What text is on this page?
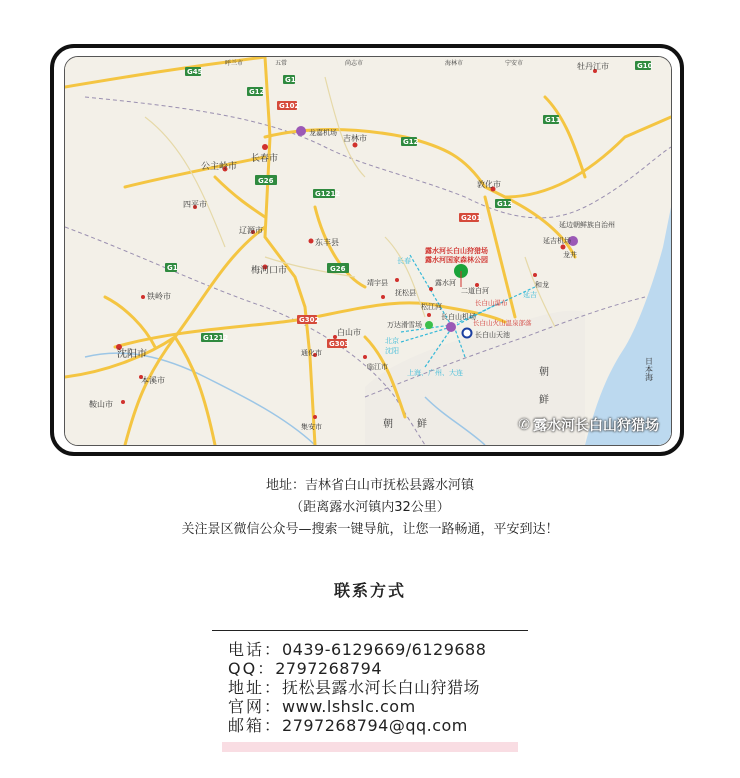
G45
G1
G12
G102
G26
G1212
G201
G302
G11
G10
G303
G26
G1212
G1
G12
G12
长春市
龙嘉机场
吉林市
公主岭市
四平市
辽源市
东丰县
梅河口市
铁岭市
沈阳市
本溪市
鞍山市
敦化市
牡丹江市
延边朝鲜族自治州
延吉机场
龙井
和龙
靖宇县
抚松县
露水河
松江河
二道白河
长白山机场
白山市
通化市
临江市
集安市
万达滑雪场
长白山天池
露水河长白山狩猎场
露水河国家森林公园
长白山瀑布
长白山火山温泉部落
长春
北京
沈阳
延吉
上海、广州、大连	朝
鲜
朝 鲜
日本海
呼兰市	五常	尚志市	海林市	宁安市
✆ 露水河长白山狩猎场
地址：吉林省白山市抚松县露水河镇
（距离露水河镇内32公里）
关注景区微信公众号—搜索一键导航，让您一路畅通，平安到达！
联系方式
电话：0439-6129669/6129688
QQ：2797268794
地址：抚松县露水河长白山狩猎场
官网：www.lshslc.com
邮箱：2797268794@qq.com
